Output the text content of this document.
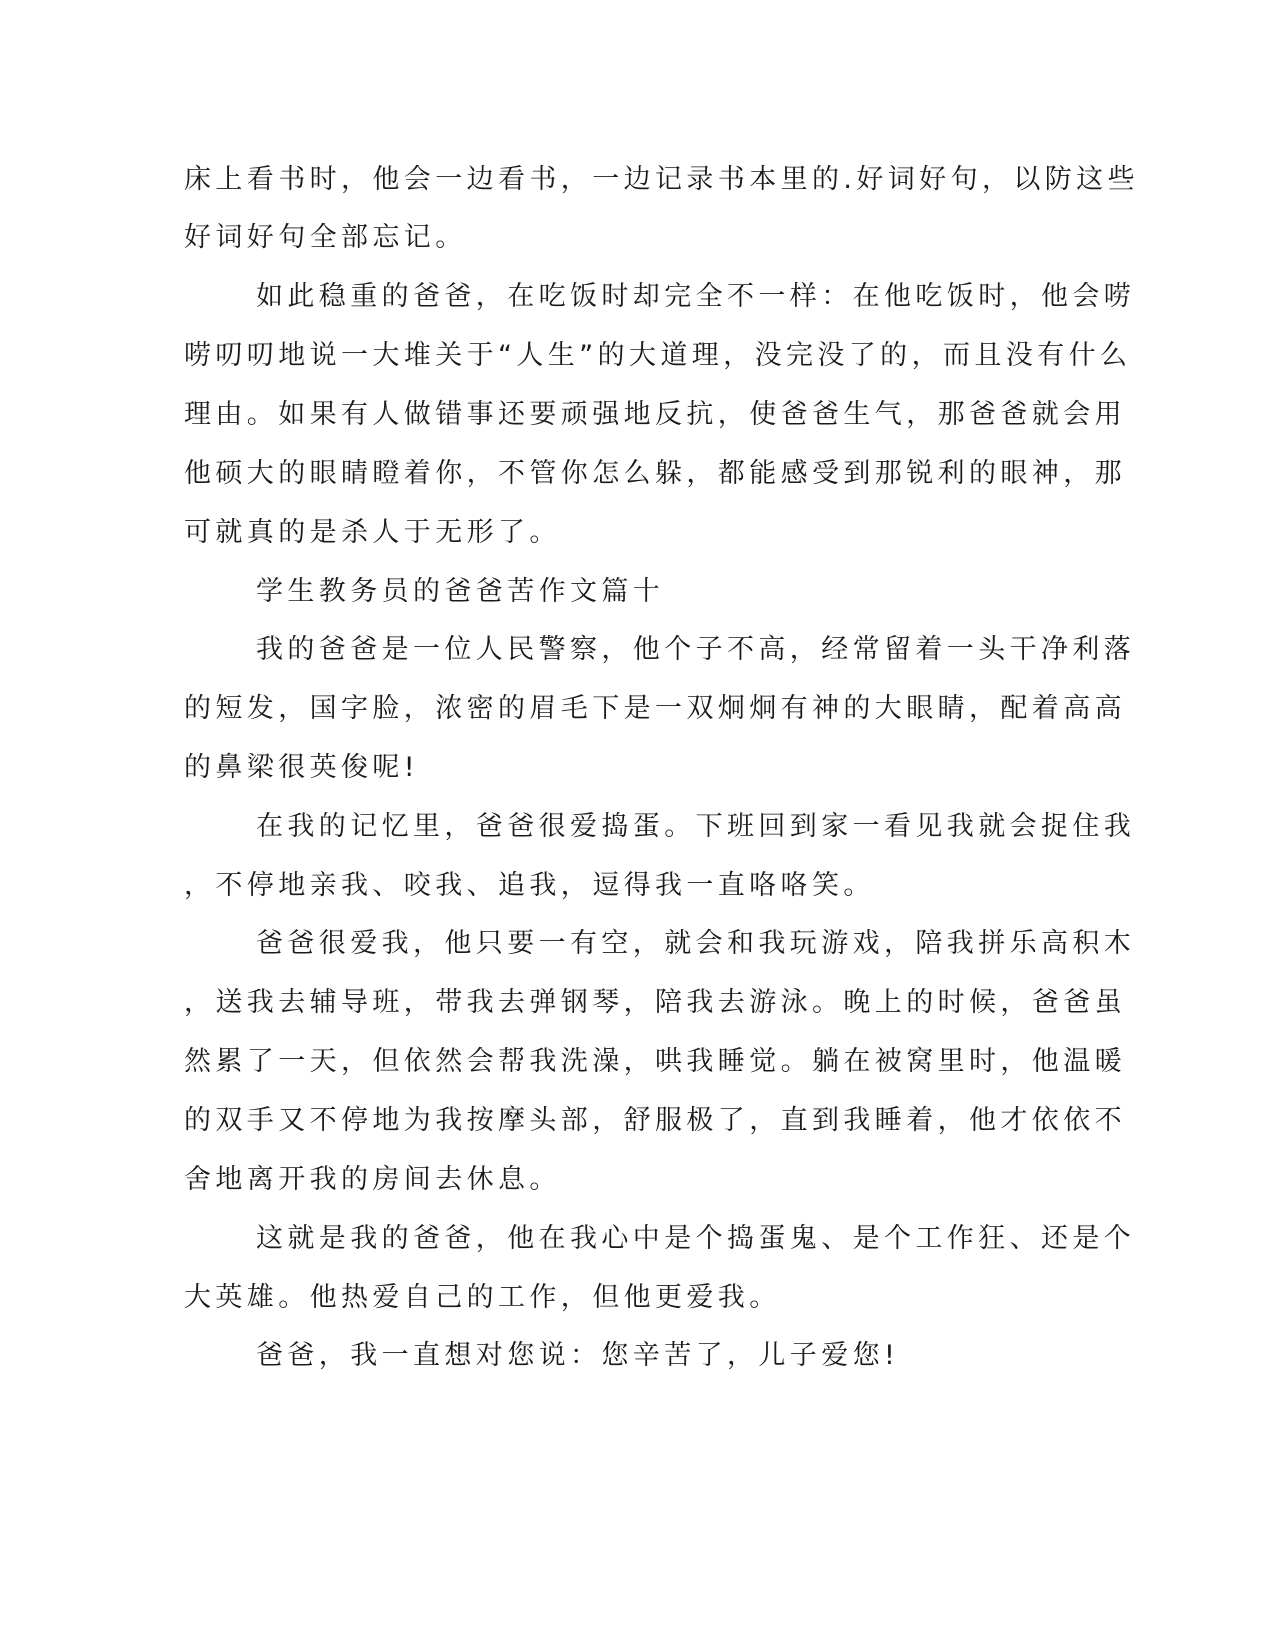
床上看书时，他会一边看书，一边记录书本里的.好词好句，以防这些
好词好句全部忘记。
如此稳重的爸爸，在吃饭时却完全不一样：在他吃饭时，他会唠
唠叨叨地说一大堆关于“人生”的大道理，没完没了的，而且没有什么
理由。如果有人做错事还要顽强地反抗，使爸爸生气，那爸爸就会用
他硕大的眼睛瞪着你，不管你怎么躲，都能感受到那锐利的眼神，那
可就真的是杀人于无形了。
学生教务员的爸爸苦作文篇十
我的爸爸是一位人民警察，他个子不高，经常留着一头干净利落
的短发，国字脸，浓密的眉毛下是一双炯炯有神的大眼睛，配着高高
的鼻梁很英俊呢!
在我的记忆里，爸爸很爱捣蛋。下班回到家一看见我就会捉住我
，不停地亲我、咬我、追我，逗得我一直咯咯笑。
爸爸很爱我，他只要一有空，就会和我玩游戏，陪我拼乐高积木
，送我去辅导班，带我去弹钢琴，陪我去游泳。晚上的时候，爸爸虽
然累了一天，但依然会帮我洗澡，哄我睡觉。躺在被窝里时，他温暖
的双手又不停地为我按摩头部，舒服极了，直到我睡着，他才依依不
舍地离开我的房间去休息。
这就是我的爸爸，他在我心中是个捣蛋鬼、是个工作狂、还是个
大英雄。他热爱自己的工作，但他更爱我。
爸爸，我一直想对您说：您辛苦了，儿子爱您!
